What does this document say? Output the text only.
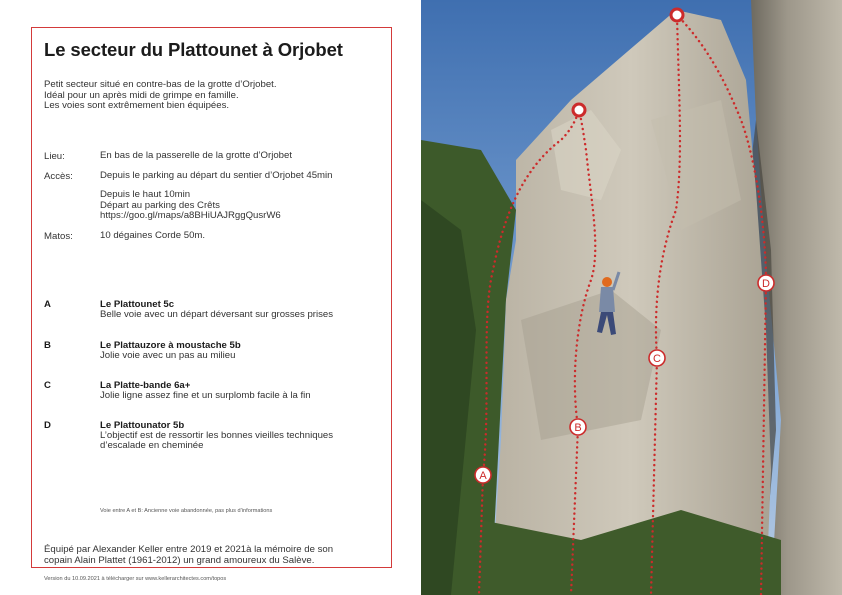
Le secteur du Plattounet à Orjobet
Petit secteur situé en contre-bas de la grotte d’Orjobet.
Idéal pour un après midi de grimpe en famille.
Les voies sont extrêmement bien équipées.
Lieu:	En bas de la passerelle de la grotte d’Orjobet
Accès:	Depuis le parking au départ du sentier d’Orjobet 45min
Depuis le haut 10min
Départ au parking des Crêts
https://goo.gl/maps/a8BHiUAJRggQusrW6
Matos:	10 dégaines Corde 50m.
A	Le Plattounet 5c
Belle voie avec un départ déversant sur grosses prises
B	Le Plattauzore à moustache 5b
Jolie voie avec un pas au milieu
C	La Platte-bande 6a+
Jolie ligne assez fine et un surplomb facile à la fin
D	Le Plattounator 5b
L’objectif est de ressortir les bonnes vieilles techniques
d’escalade en cheminée
Voie entre A et B: Ancienne voie abandonnée, pas plus d’informations
Équipé par Alexander Keller entre 2019 et 2021à la mémoire de son
copain Alain Plattet (1961-2012) un grand amoureux du Salève.
Version du 10.09.2021 à télécharger sur www.kellerarchitectes.com/topos
A
B
C
D
